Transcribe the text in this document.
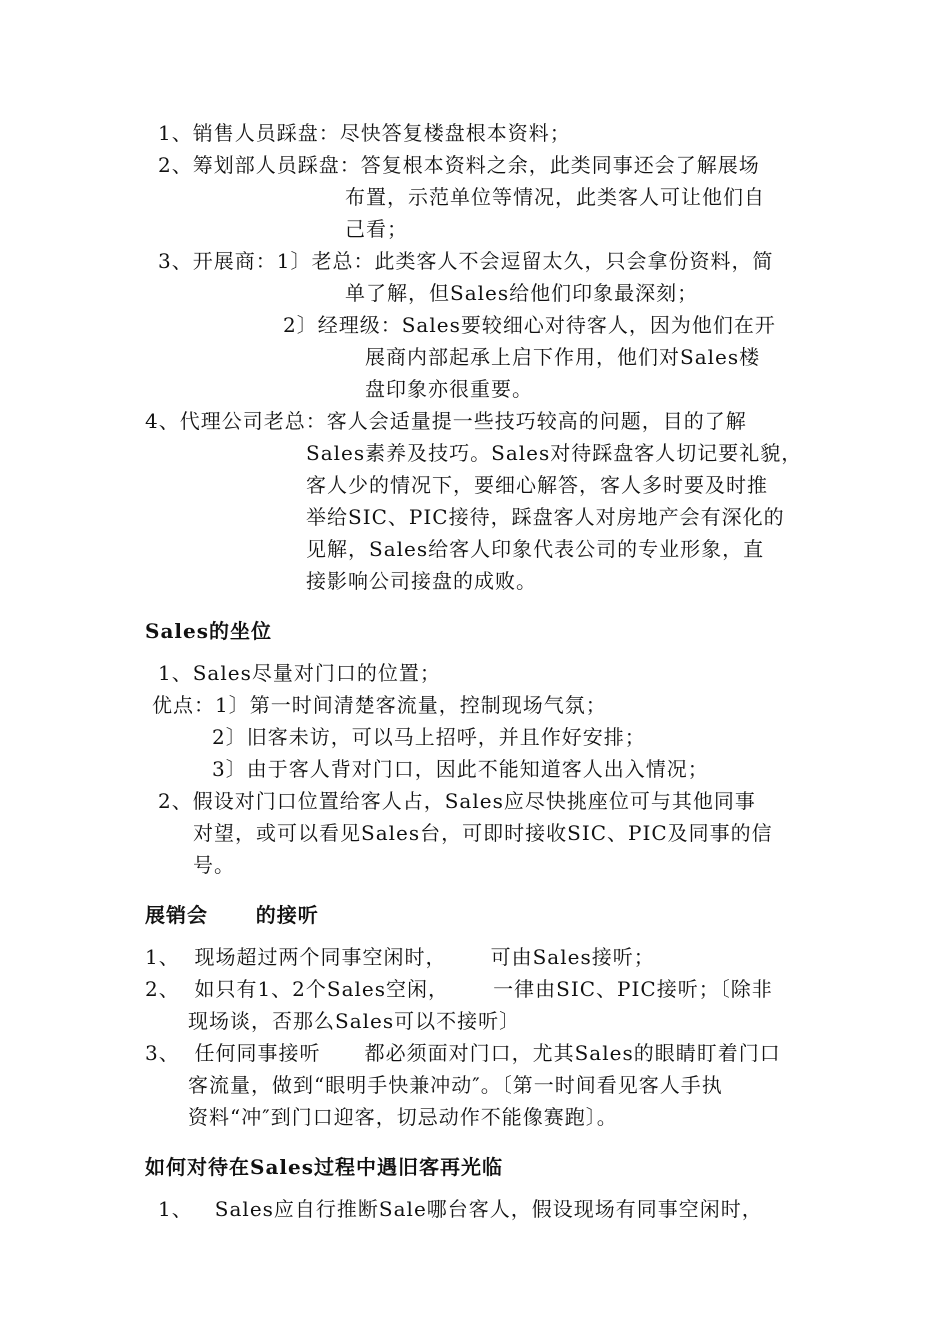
1、销售人员踩盘：尽快答复楼盘根本资料；
2、筹划部人员踩盘：答复根本资料之余，此类同事还会了解展场
布置，示范单位等情况，此类客人可让他们自
己看；
3、开展商：1〕老总：此类客人不会逗留太久，只会拿份资料，简
单了解，但Sales给他们印象最深刻；
2〕经理级：Sales要较细心对待客人，因为他们在开
展商内部起承上启下作用，他们对Sales楼
盘印象亦很重要。
4、代理公司老总：客人会适量提一些技巧较高的问题，目的了解
Sales素养及技巧。Sales对待踩盘客人切记要礼貌，
客人少的情况下，要细心解答，客人多时要及时推
举给SIC、PIC接待，踩盘客人对房地产会有深化的
见解，Sales给客人印象代表公司的专业形象，直
接影响公司接盘的成败。
Sales的坐位
1、Sales尽量对门口的位置；
优点：1〕第一时间清楚客流量，控制现场气氛；
2〕旧客未访，可以马上招呼，并且作好安排；
3〕由于客人背对门口，因此不能知道客人出入情况；
2、假设对门口位置给客人占，Sales应尽快挑座位可与其他同事
对望，或可以看见Sales台，可即时接收SIC、PIC及同事的信
号。
展销会      的接听
1、  现场超过两个同事空闲时，      可由Sales接听；
2、  如只有1、2个Sales空闲，      一律由SIC、PIC接听；〔除非
现场谈，否那么Sales可以不接听〕
3、  任何同事接听      都必须面对门口，尤其Sales的眼睛盯着门口
客流量，做到“眼明手快兼冲动″。〔第一时间看见客人手执
资料“冲″到门口迎客，切忌动作不能像赛跑〕。
如何对待在Sales过程中遇旧客再光临
1、   Sales应自行推断Sale哪台客人，假设现场有同事空闲时，
